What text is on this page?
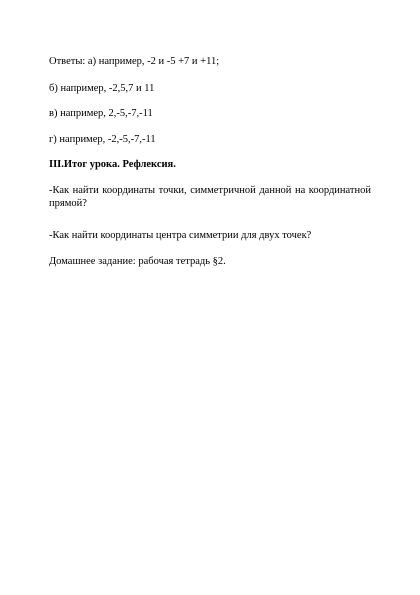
Ответы: а) например, -2 и -5 +7 и +11;
б) например, -2,5,7 и 11
в) например, 2,-5,-7,-11
г) например, -2,-5,-7,-11
III.Итог урока. Рефлексия.
-Как найти координаты точки, симметричной данной на координатной прямой?
-Как найти координаты центра симметрии для двух точек?
Домашнее задание: рабочая тетрадь §2.
